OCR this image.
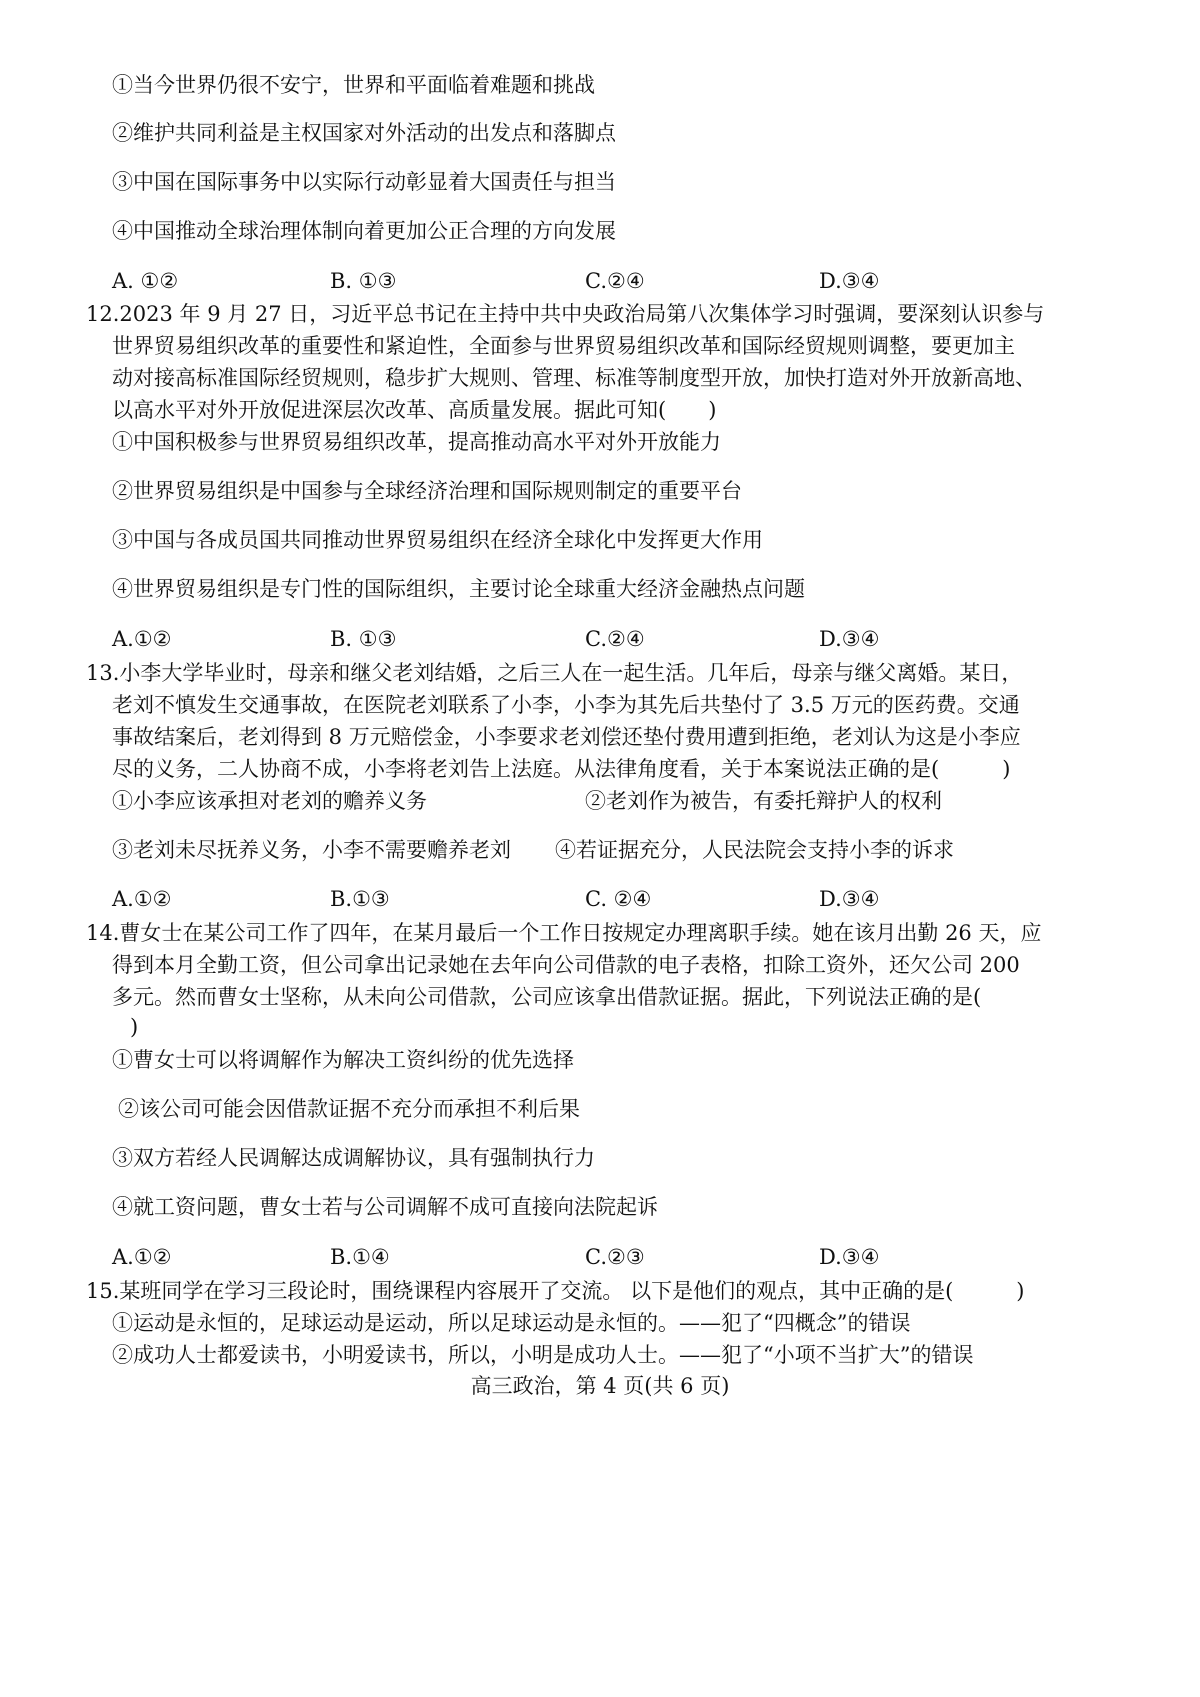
①当今世界仍很不安宁，世界和平面临着难题和挑战
②维护共同利益是主权国家对外活动的出发点和落脚点
③中国在国际事务中以实际行动彰显着大国责任与担当
④中国推动全球治理体制向着更加公正合理的方向发展
A. ①②	B. ①③	C.②④	D.③④
12.2023 年 9 月 27 日，习近平总书记在主持中共中央政治局第八次集体学习时强调，要深刻认识参与
世界贸易组织改革的重要性和紧迫性，全面参与世界贸易组织改革和国际经贸规则调整，要更加主
动对接高标准国际经贸规则，稳步扩大规则、管理、标准等制度型开放，加快打造对外开放新高地、
以高水平对外开放促进深层次改革、高质量发展。据此可知(　　)
①中国积极参与世界贸易组织改革，提高推动高水平对外开放能力
②世界贸易组织是中国参与全球经济治理和国际规则制定的重要平台
③中国与各成员国共同推动世界贸易组织在经济全球化中发挥更大作用
④世界贸易组织是专门性的国际组织，主要讨论全球重大经济金融热点问题
A.①②	B. ①③	C.②④	D.③④
13.小李大学毕业时，母亲和继父老刘结婚，之后三人在一起生活。几年后，母亲与继父离婚。某日，
老刘不慎发生交通事故，在医院老刘联系了小李，小李为其先后共垫付了 3.5 万元的医药费。交通
事故结案后，老刘得到 8 万元赔偿金，小李要求老刘偿还垫付费用遭到拒绝，老刘认为这是小李应
尽的义务，二人协商不成，小李将老刘告上法庭。从法律角度看，关于本案说法正确的是(　　　)
①小李应该承担对老刘的赡养义务	②老刘作为被告，有委托辩护人的权利
③老刘未尽抚养义务，小李不需要赡养老刘 ④若证据充分，人民法院会支持小李的诉求
A.①②	B.①③	C. ②④	D.③④
14.曹女士在某公司工作了四年，在某月最后一个工作日按规定办理离职手续。她在该月出勤 26 天，应
得到本月全勤工资，但公司拿出记录她在去年向公司借款的电子表格，扣除工资外，还欠公司 200
多元。然而曹女士坚称，从未向公司借款，公司应该拿出借款证据。据此，下列说法正确的是(
)
①曹女士可以将调解作为解决工资纠纷的优先选择
②该公司可能会因借款证据不充分而承担不利后果
③双方若经人民调解达成调解协议，具有强制执行力
④就工资问题，曹女士若与公司调解不成可直接向法院起诉
A.①②	B.①④	C.②③	D.③④
15.某班同学在学习三段论时，围绕课程内容展开了交流。 以下是他们的观点，其中正确的是(　　　)
①运动是永恒的，足球运动是运动，所以足球运动是永恒的。——犯了“四概念”的错误
②成功人士都爱读书，小明爱读书，所以，小明是成功人士。——犯了“小项不当扩大”的错误
高三政治，第 4 页(共 6 页)
